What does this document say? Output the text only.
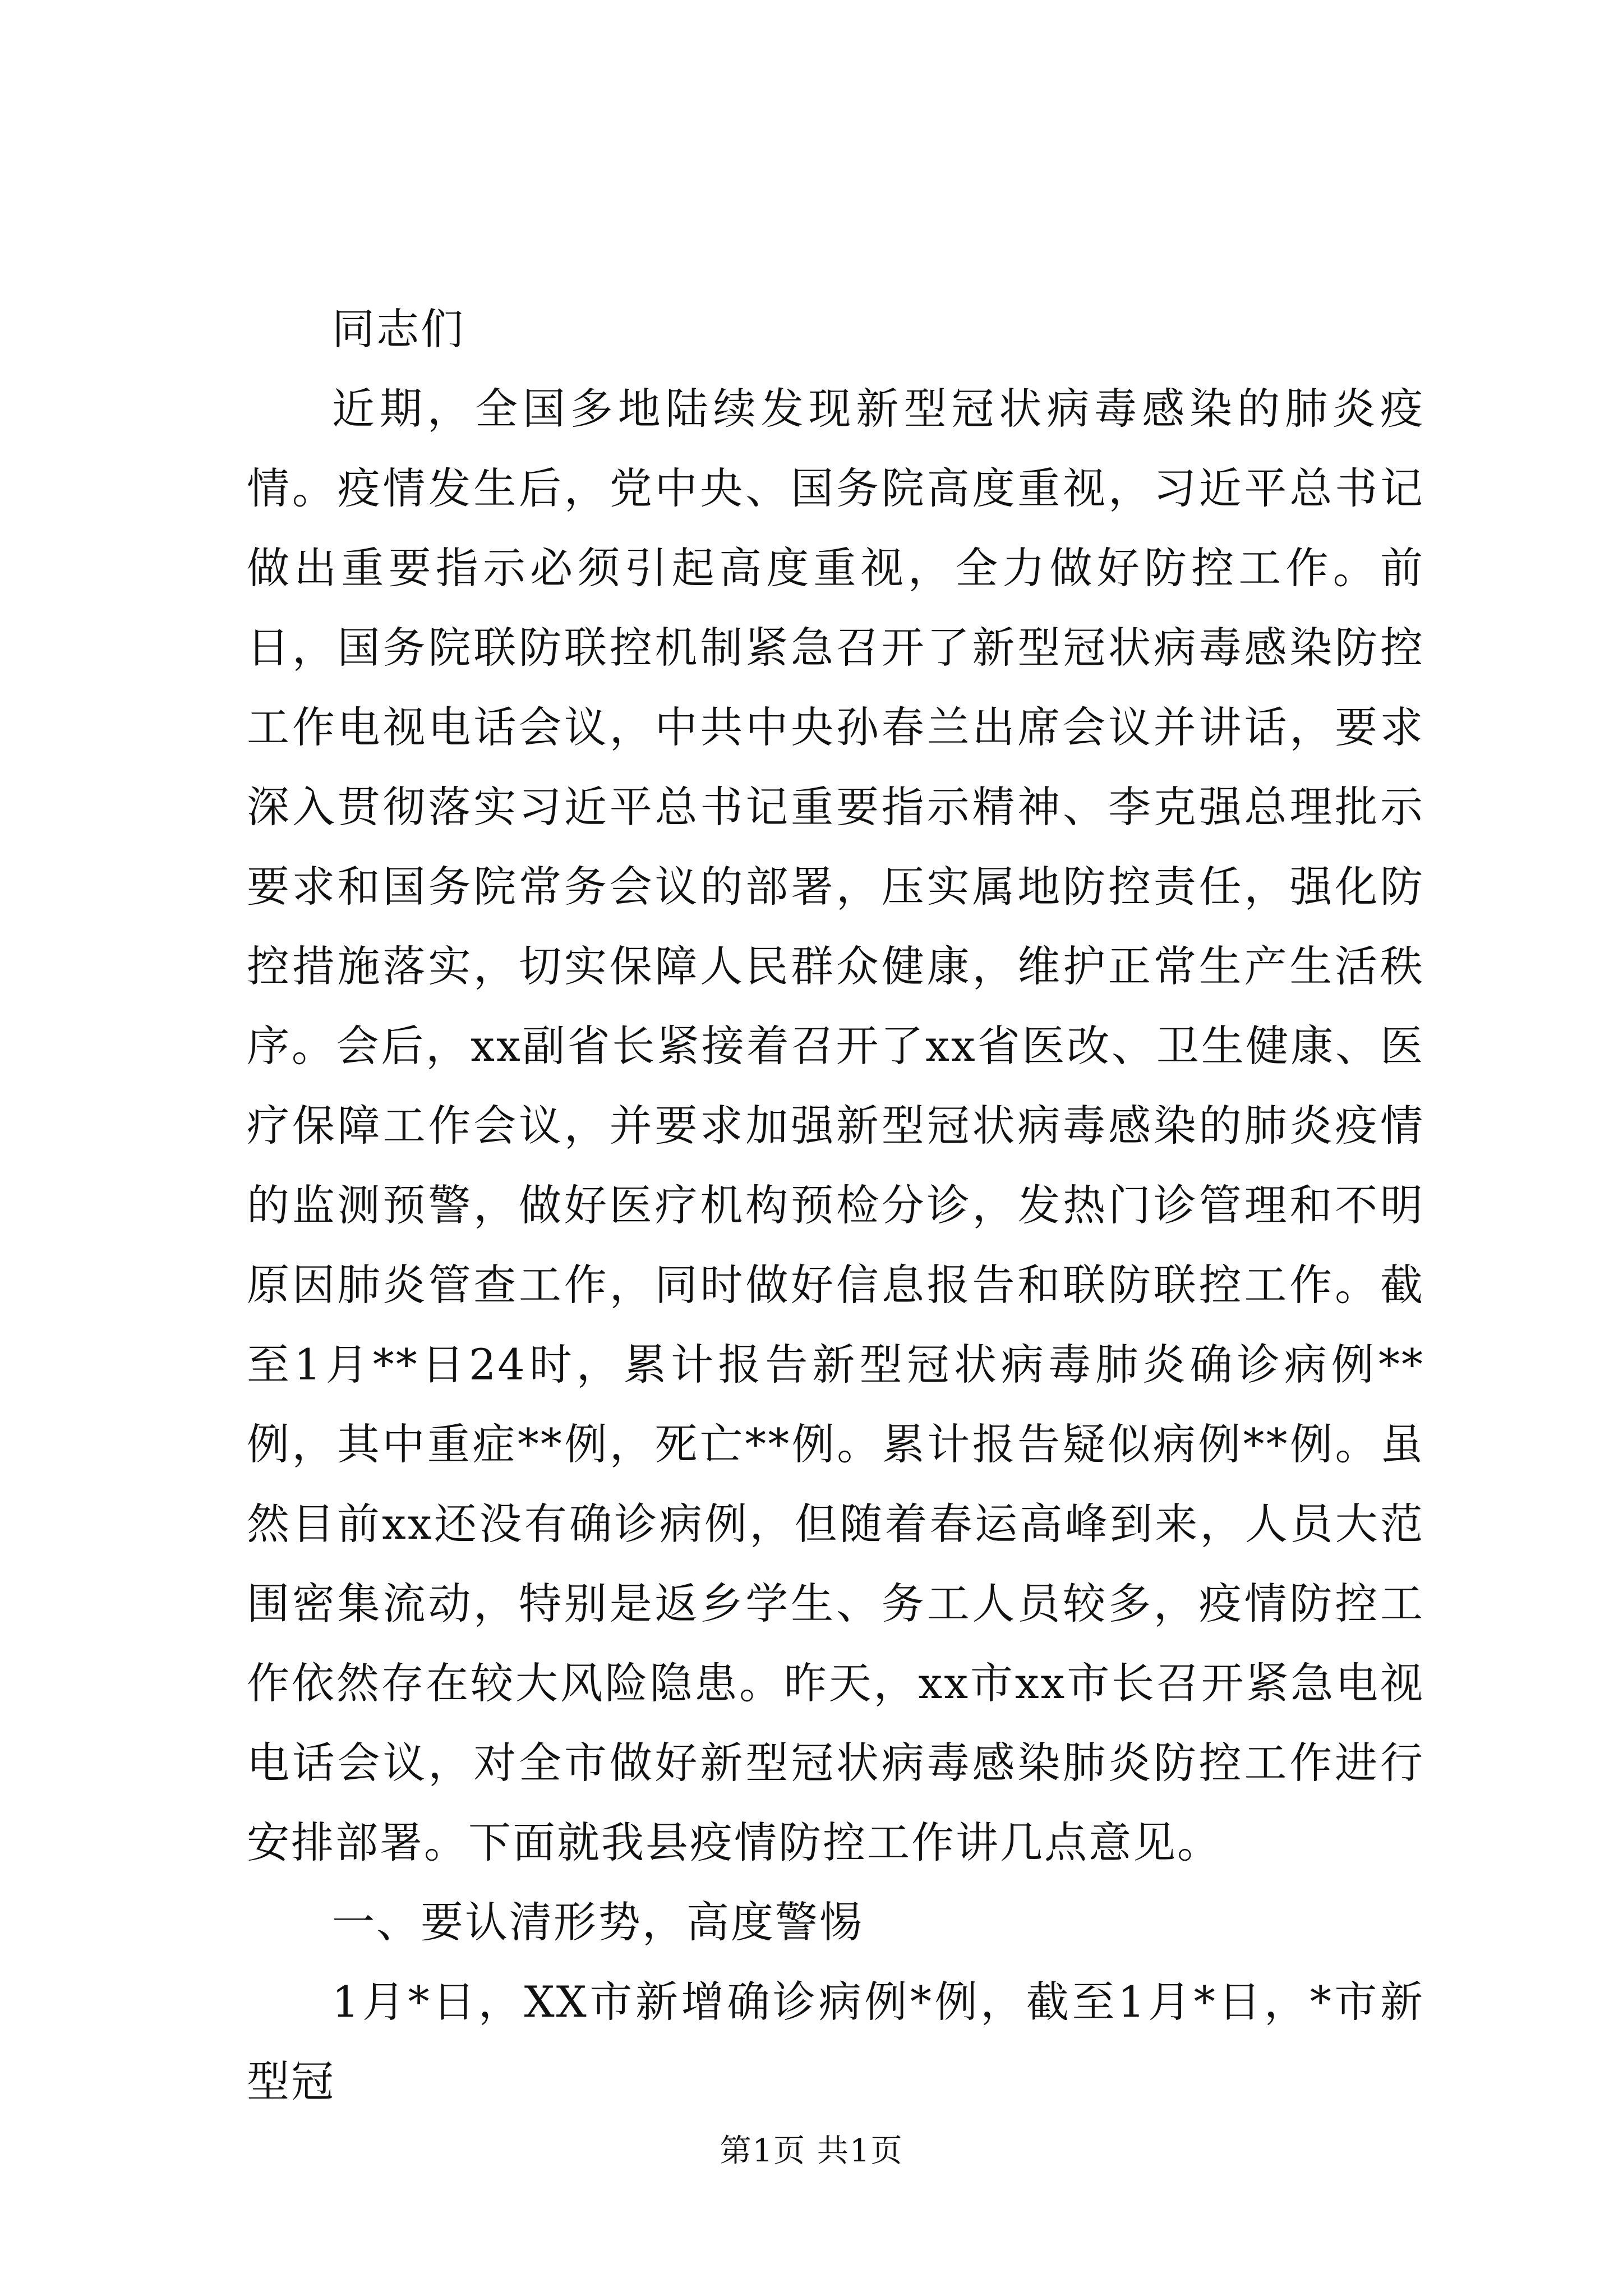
同志们

近期，全国多地陆续发现新型冠状病毒感染的肺炎疫情。疫情发生后，党中央、国务院高度重视，习近平总书记做出重要指示必须引起高度重视，全力做好防控工作。前日，国务院联防联控机制紧急召开了新型冠状病毒感染防控工作电视电话会议，中共中央孙春兰出席会议并讲话，要求深入贯彻落实习近平总书记重要指示精神、李克强总理批示要求和国务院常务会议的部署，压实属地防控责任，强化防控措施落实，切实保障人民群众健康，维护正常生产生活秩序。会后，xx副省长紧接着召开了xx省医改、卫生健康、医疗保障工作会议，并要求加强新型冠状病毒感染的肺炎疫情的监测预警，做好医疗机构预检分诊，发热门诊管理和不明原因肺炎管查工作，同时做好信息报告和联防联控工作。截至1月**日24时，累计报告新型冠状病毒肺炎确诊病例**例，其中重症**例，死亡**例。累计报告疑似病例**例。虽然目前xx还没有确诊病例，但随着春运高峰到来，人员大范围密集流动，特别是返乡学生、务工人员较多，疫情防控工作依然存在较大风险隐患。昨天，xx市xx市长召开紧急电视电话会议，对全市做好新型冠状病毒感染肺炎防控工作进行安排部署。下面就我县疫情防控工作讲几点意见。

一、要认清形势，高度警惕

1月*日，XX市新增确诊病例*例，截至1月*日，*市新型冠

第1页 共1页
